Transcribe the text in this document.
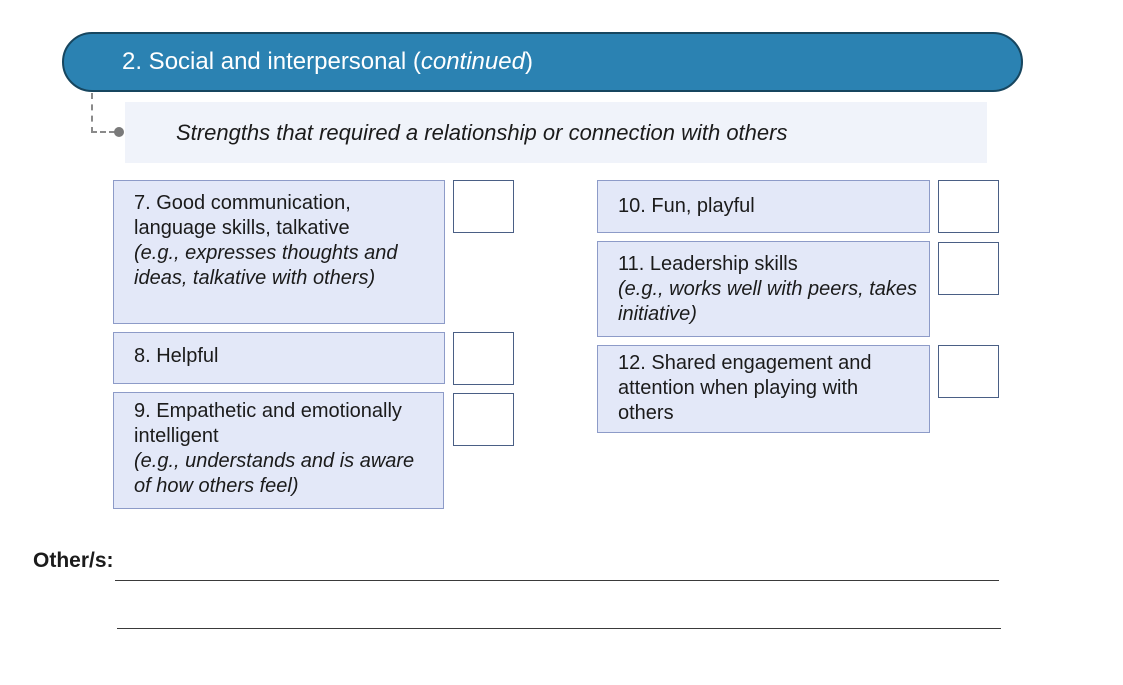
2. Social and interpersonal (continued)
Strengths that required a relationship or connection with others
7. Good communication, language skills, talkative
(e.g., expresses thoughts and ideas, talkative with others)
8. Helpful
9. Empathetic and emotionally intelligent
(e.g., understands and is aware of how others feel)
10. Fun, playful
11. Leadership skills
(e.g., works well with peers, takes initiative)
12. Shared engagement and attention when playing with others
Other/s:
